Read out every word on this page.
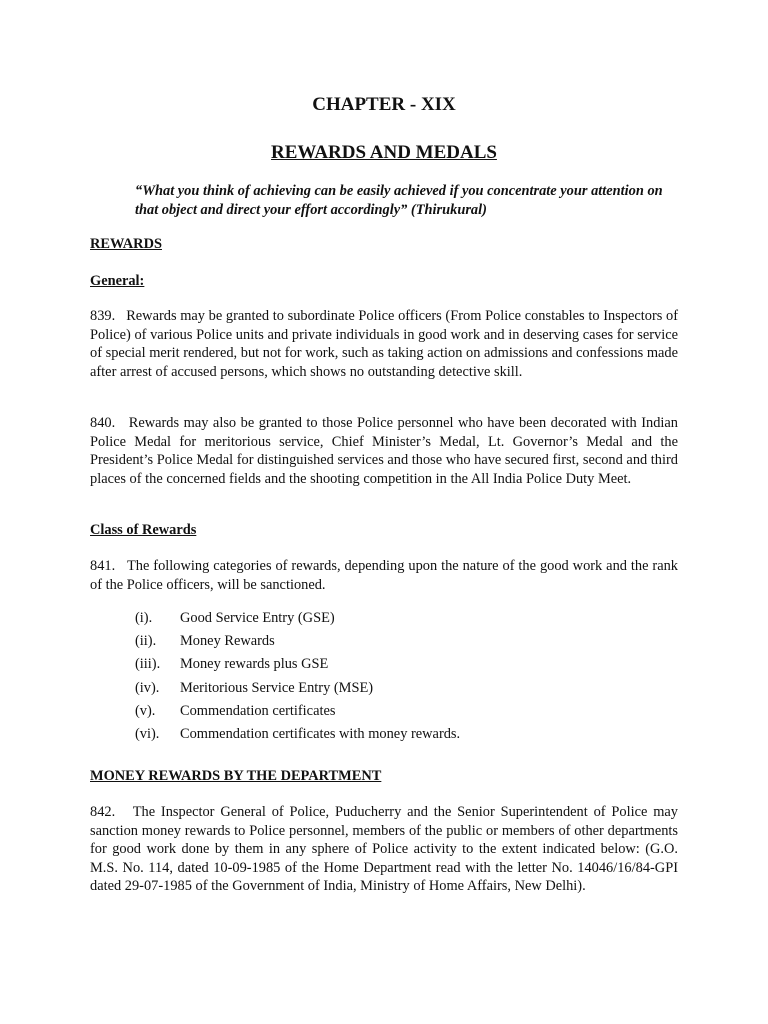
CHAPTER - XIX
REWARDS AND MEDALS

“What you think of achieving can be easily achieved if you concentrate your attention on that object and direct your effort accordingly” (Thirukural)

REWARDS

General:

839.   Rewards may be granted to subordinate Police officers (From Police constables to Inspectors of Police) of various Police units and private individuals in good work and in deserving cases for service of special merit rendered, but not for work, such as taking action on admissions and confessions made after arrest of accused persons, which shows no outstanding detective skill.

840.   Rewards may also be granted to those Police personnel who have been decorated with Indian Police Medal for meritorious service, Chief Minister’s Medal, Lt. Governor’s Medal and the President’s Police Medal for distinguished services and those who have secured first, second and third places of the concerned fields and the shooting competition in the All India Police Duty Meet.

Class of Rewards

841.   The following categories of rewards, depending upon the nature of the good work and the rank of the Police officers, will be sanctioned.

(i).	Good Service Entry (GSE)
(ii).	Money Rewards
(iii).	Money rewards plus GSE
(iv).	Meritorious Service Entry (MSE)
(v).	Commendation certificates
(vi).	Commendation certificates with money rewards.

MONEY REWARDS BY THE DEPARTMENT

842.   The Inspector General of Police, Puducherry and the Senior Superintendent of Police may sanction money rewards to Police personnel, members of the public or members of other departments for good work done by them in any sphere of Police activity to the extent indicated below: (G.O. M.S. No. 114, dated 10-09-1985 of the Home Department read with the letter No. 14046/16/84-GPI dated 29-07-1985 of the Government of India, Ministry of Home Affairs, New Delhi).
